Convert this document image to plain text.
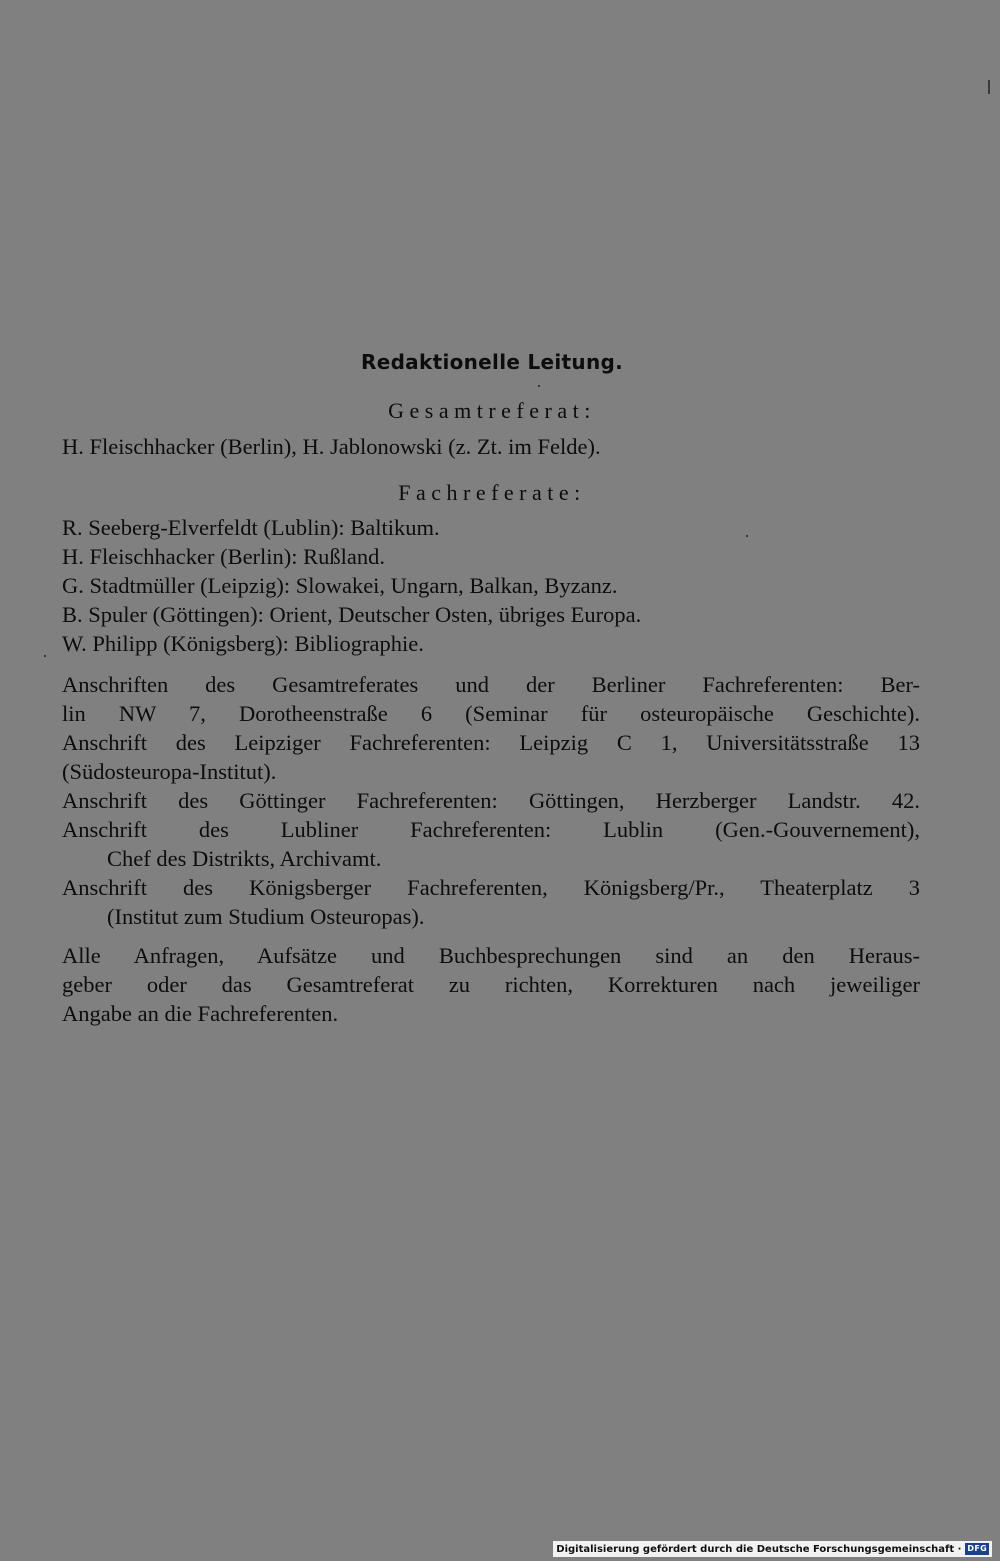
Redaktionelle Leitung.
Gesamtreferat:
H. Fleischhacker (Berlin), H. Jablonowski (z. Zt. im Felde).
Fachreferate:
R. Seeberg-Elverfeldt (Lublin): Baltikum.
H. Fleischhacker (Berlin): Rußland.
G. Stadtmüller (Leipzig): Slowakei, Ungarn, Balkan, Byzanz.
B. Spuler (Göttingen): Orient, Deutscher Osten, übriges Europa.
W. Philipp (Königsberg): Bibliographie.
Anschriften des Gesamtreferates und der Berliner Fachreferenten: Ber-
lin NW 7, Dorotheenstraße 6 (Seminar für osteuropäische Geschichte).
Anschrift des Leipziger Fachreferenten: Leipzig C 1, Universitätsstraße 13
(Südosteuropa-Institut).
Anschrift des Göttinger Fachreferenten: Göttingen, Herzberger Landstr. 42.
Anschrift des Lubliner Fachreferenten: Lublin (Gen.-Gouvernement),
Chef des Distrikts, Archivamt.
Anschrift des Königsberger Fachreferenten, Königsberg/Pr., Theaterplatz 3
(Institut zum Studium Osteuropas).
Alle Anfragen, Aufsätze und Buchbesprechungen sind an den Heraus-
geber oder das Gesamtreferat zu richten, Korrekturen nach jeweiliger
Angabe an die Fachreferenten.
Digitalisierung gefördert durch die Deutsche Forschungsgemeinschaft · DFG
